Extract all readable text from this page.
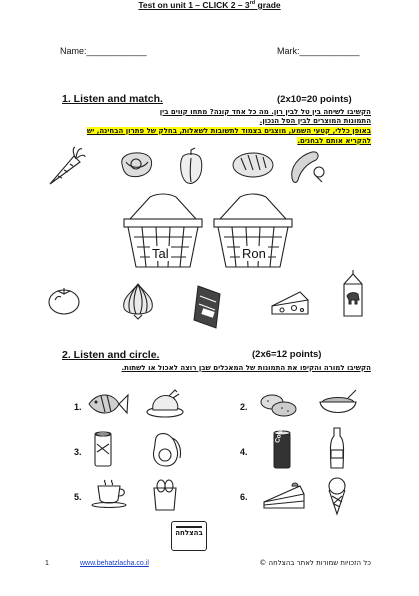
Name:____________	Mark:____________
Test on unit 1 – CLICK 2 – 3rd grade
1. Listen and match.	(2x10=20 points)
הקשיבו לשיחה בין טל לבין רון. מה כל אחד קונה? מתחו קווים בין
התמונות המוצרים לבין הסל הנכון.
באופן כללי, קטעי השמע, מוצגים בצמוד לתשובות לשאלות, בחלק של פתרון הבחינה, יש
להקריא אותם לבחנים.
Tal	Ron
2. Listen and circle.	(2x6=12 points)
הקשיבו למורה והקיפו את התמונות של המאכלים שבן רוצה לאכול או לשתות.
1.	2.
3.	4.
Cola
5.	6.
בהצלחה
1	www.behatzlacha.co.il	כל הזכויות שמורות לאתר בהצלחה ©
